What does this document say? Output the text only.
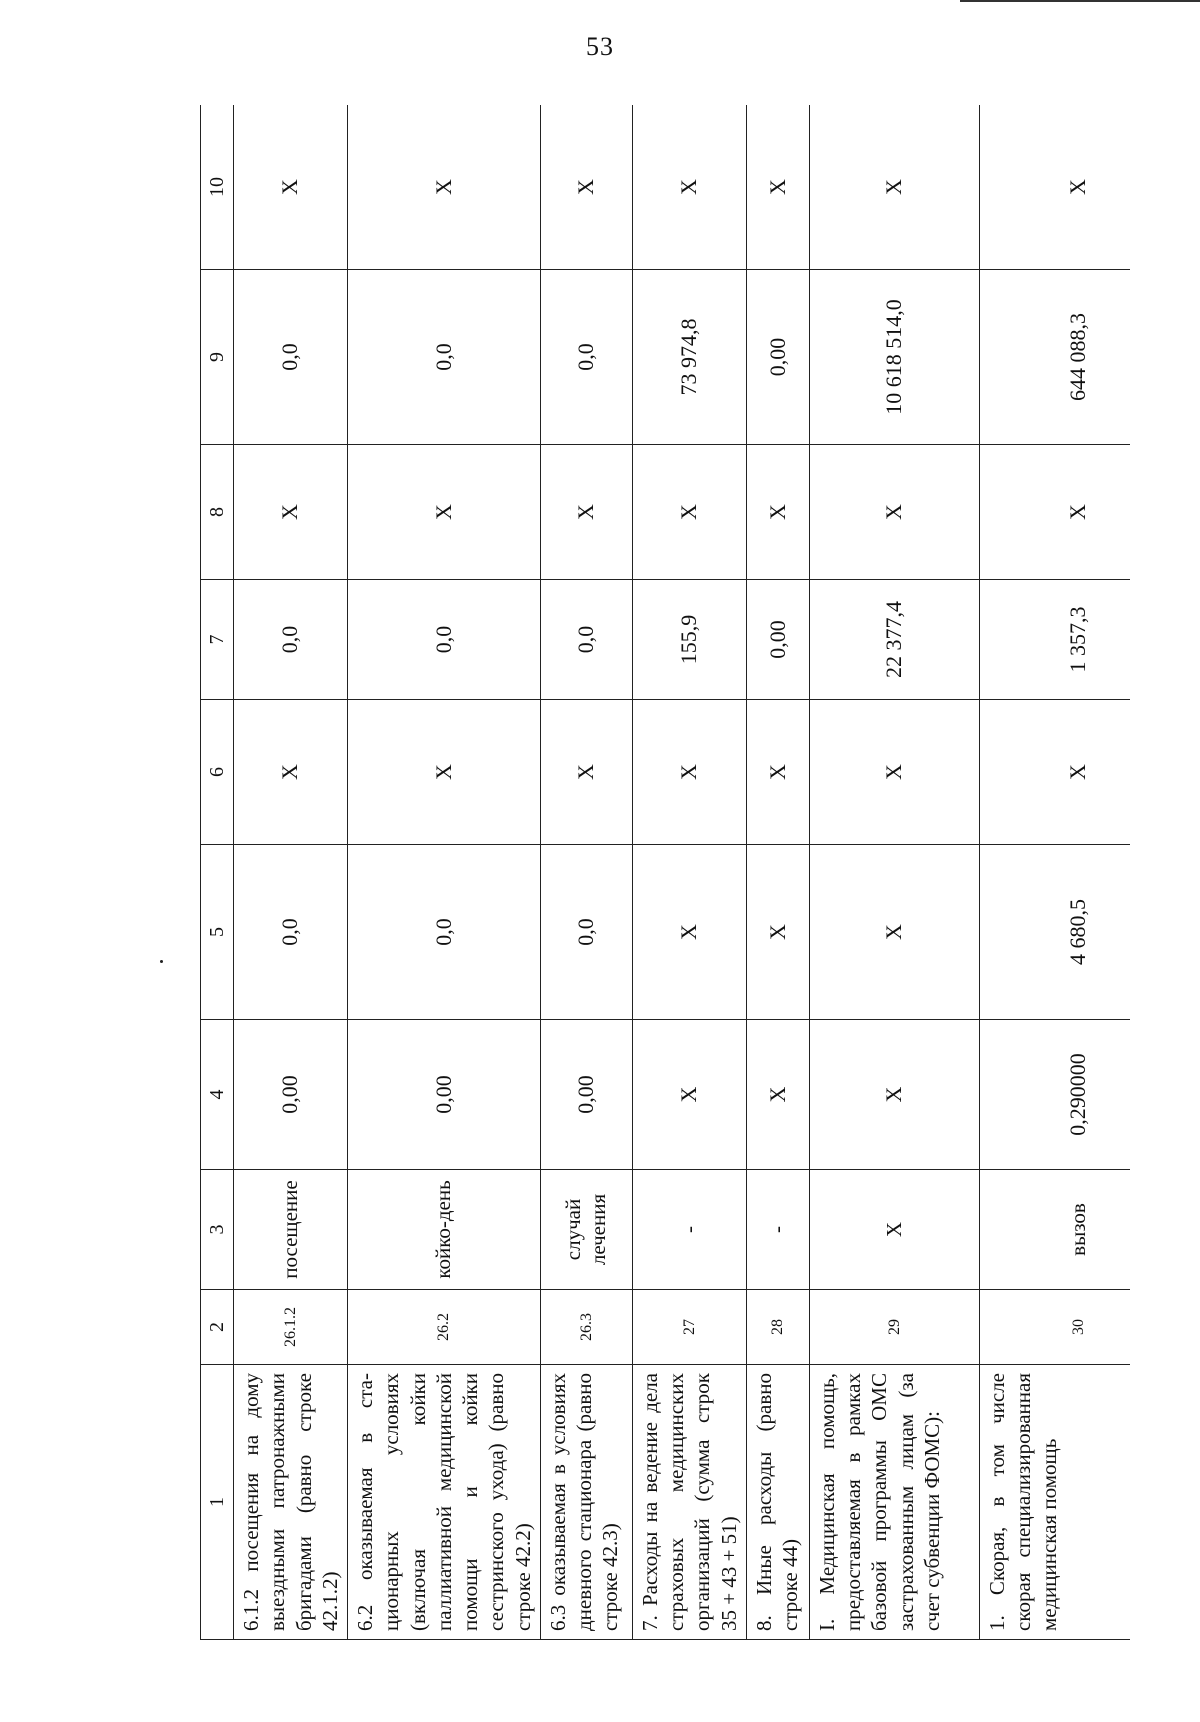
53
1	2	3	4	5	6	7	8	9	10
6.1.2 посещения на дому выездными патронажными бригадами (равно строке 42.1.2)	26.1.2	посещение	0,00	0,0	X	0,0	X	0,0	X
6.2 оказываемая в стационарных условиях (включая койки паллиативной медицинской помощи и койки сестринского ухода) (равно строке 42.2)	26.2	койко-день	0,00	0,0	X	0,0	X	0,0	X
6.3 оказываемая в условиях дневного стационара (равно строке 42.3)	26.3	случай лечения	0,00	0,0	X	0,0	X	0,0	X
7. Расходы на ведение дела страховых медицинских организаций (сумма строк 35 + 43 + 51)	27	-	X	X	X	155,9	X	73 974,8	X
8. Иные расходы (равно строке 44)	28	-	X	X	X	0,00	X	0,00	X
I. Медицинская помощь, предоставляемая в рамках базовой программы ОМС застрахованным лицам (за счет субвенции ФОМС):	29	X	X	X	X	22 377,4	X	10 618 514,0	X
1. Скорая, в том числе скорая специализированная медицинская помощь	30	вызов	0,290000	4 680,5	X	1 357,3	X	644 088,3	X
